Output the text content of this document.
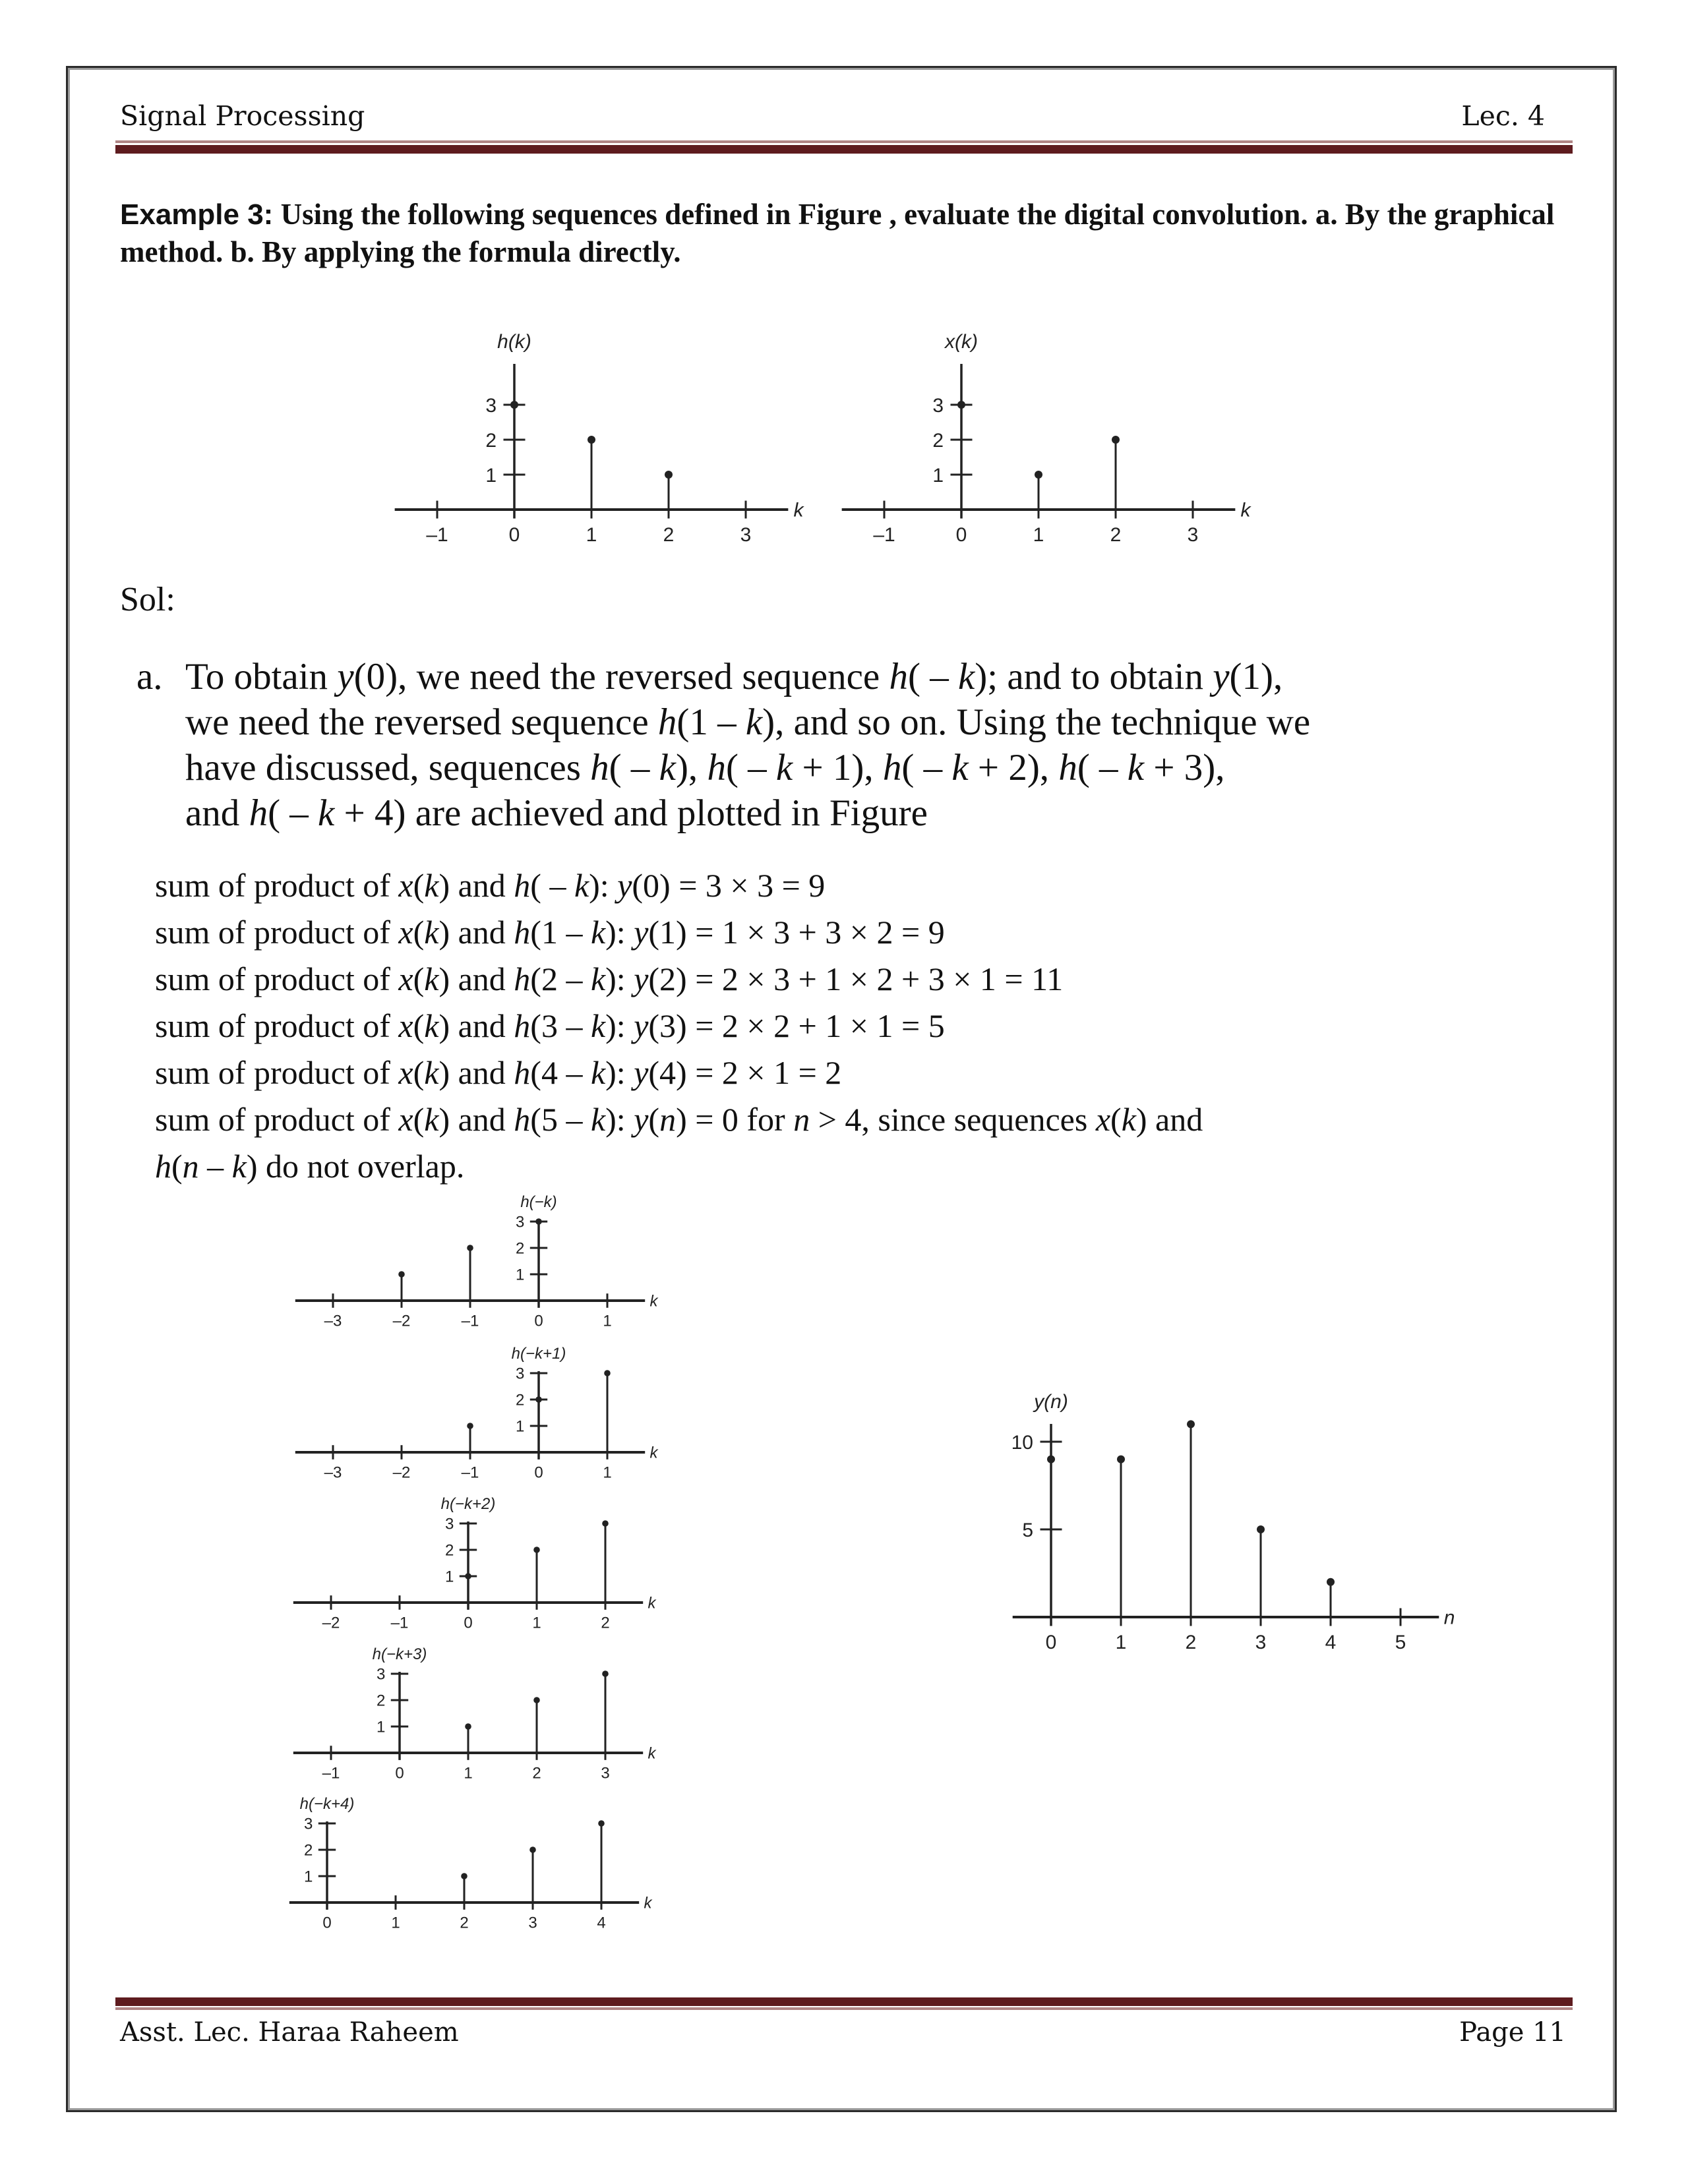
Signal Processing	Lec. 4
Example 3: Using the following sequences defined in Figure , evaluate the digital convolution. a. By the graphical method. b. By applying the formula directly.
k
h(k)
–1	0	1	2	3
1
2
3
k
x(k)
–1	0	1	2	3
1
2
3
Sol:
a. To obtain y(0), we need the reversed sequence h( – k); and to obtain y(1),
we need the reversed sequence h(1 – k), and so on. Using the technique we
have discussed, sequences h( – k), h( – k + 1), h( – k + 2), h( – k + 3),
and h( – k + 4) are achieved and plotted in Figure
sum of product of x(k) and h( – k): y(0) = 3 × 3 = 9
sum of product of x(k) and h(1 – k): y(1) = 1 × 3 + 3 × 2 = 9
sum of product of x(k) and h(2 – k): y(2) = 2 × 3 + 1 × 2 + 3 × 1 = 11
sum of product of x(k) and h(3 – k): y(3) = 2 × 2 + 1 × 1 = 5
sum of product of x(k) and h(4 – k): y(4) = 2 × 1 = 2
sum of product of x(k) and h(5 – k): y(n) = 0 for n > 4, since sequences x(k) and
h(n – k) do not overlap.
k
h(−k)
–3	–2	–1	0	1
1
2
3
k
h(−k+1)
–3	–2	–1	0	1
1
2
3
k
h(−k+2)
–2	–1	0	1	2
1
2
3
k
h(−k+3)
–1	0	1	2	3
1
2
3
k
h(−k+4)
0	1	2	3	4
1
2
3
n
y(n)
0	1	2	3	4	5
5
10
Asst. Lec. Haraa Raheem	Page 11
